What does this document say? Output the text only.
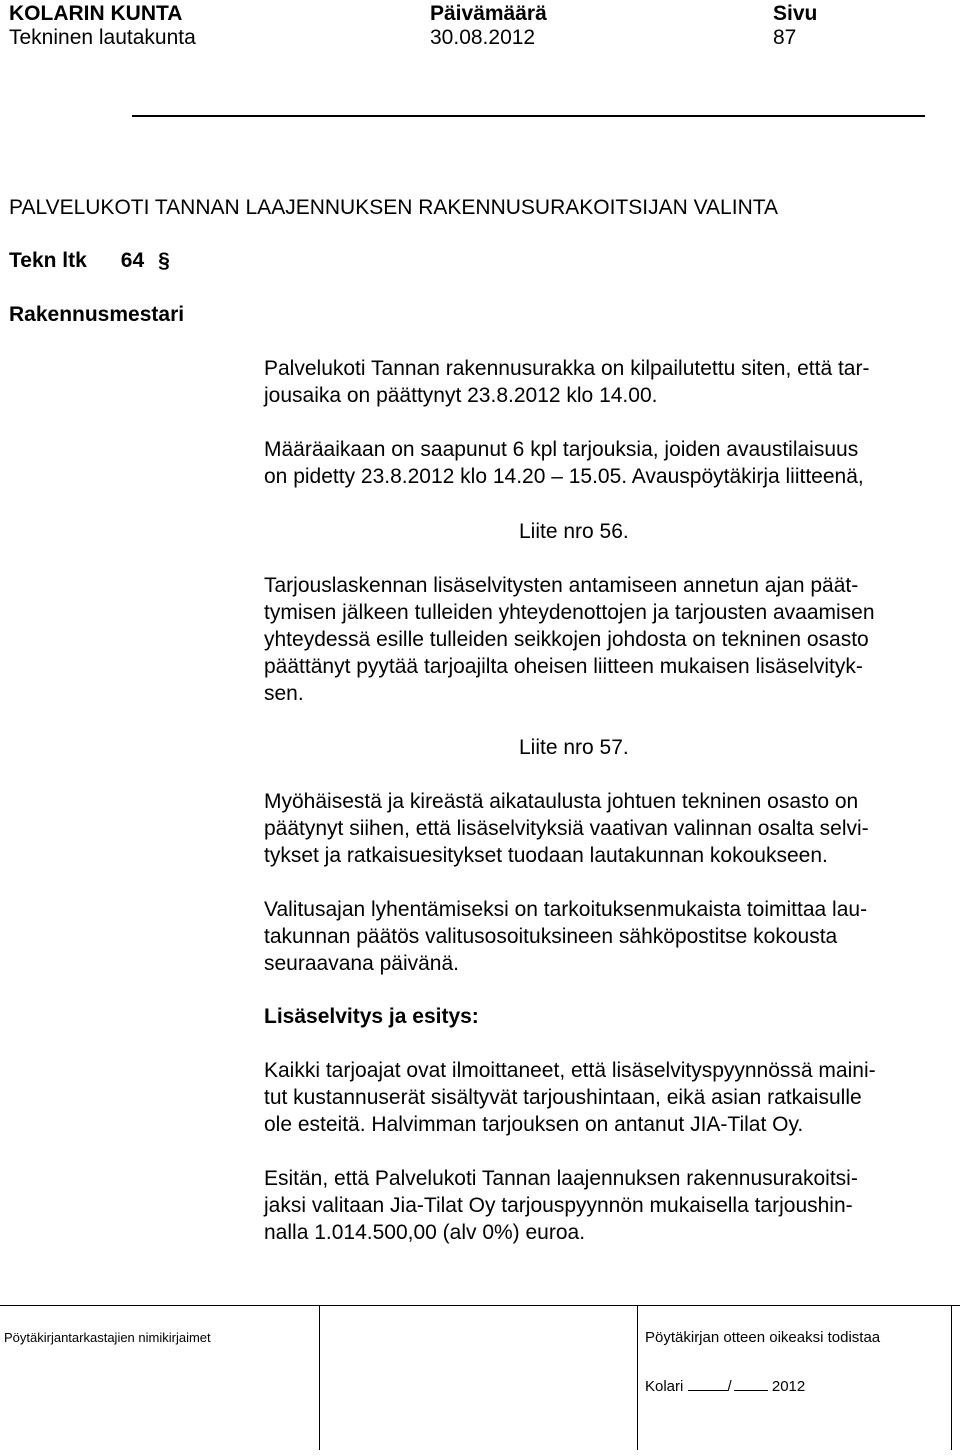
KOLARIN KUNTA
Tekninen lautakunta
Päivämäärä
30.08.2012
Sivu
87
PALVELUKOTI TANNAN LAAJENNUKSEN RAKENNUSURAKOITSIJAN VALINTA
Tekn ltk 64 §
Rakennusmestari
Palvelukoti Tannan rakennusurakka on kilpailutettu siten, että tar-
jousaika on päättynyt 23.8.2012 klo 14.00.
Määräaikaan on saapunut 6 kpl tarjouksia, joiden avaustilaisuus
on pidetty 23.8.2012 klo 14.20 – 15.05. Avauspöytäkirja liitteenä,
Liite nro 56.
Tarjouslaskennan lisäselvitysten antamiseen annetun ajan päät-
tymisen jälkeen tulleiden yhteydenottojen ja tarjousten avaamisen
yhteydessä esille tulleiden seikkojen johdosta on tekninen osasto
päättänyt pyytää tarjoajilta oheisen liitteen mukaisen lisäselvityk-
sen.
Liite nro 57.
Myöhäisestä ja kireästä aikataulusta johtuen tekninen osasto on
päätynyt siihen, että lisäselvityksiä vaativan valinnan osalta selvi-
tykset ja ratkaisuesitykset tuodaan lautakunnan kokoukseen.
Valitusajan lyhentämiseksi on tarkoituksenmukaista toimittaa lau-
takunnan päätös valitusosoituksineen sähköpostitse kokousta
seuraavana päivänä.
Lisäselvitys ja esitys:
Kaikki tarjoajat ovat ilmoittaneet, että lisäselvityspyynnössä maini-
tut kustannuserät sisältyvät tarjoushintaan, eikä asian ratkaisulle
ole esteitä. Halvimman tarjouksen on antanut JIA-Tilat Oy.
Esitän, että Palvelukoti Tannan laajennuksen rakennusurakoitsi-
jaksi valitaan Jia-Tilat Oy tarjouspyynnön mukaisella tarjoushin-
nalla 1.014.500,00 (alv 0%) euroa.
Pöytäkirjantarkastajien nimikirjaimet	Pöytäkirjan otteen oikeaksi todistaa
Kolari	/	2012
